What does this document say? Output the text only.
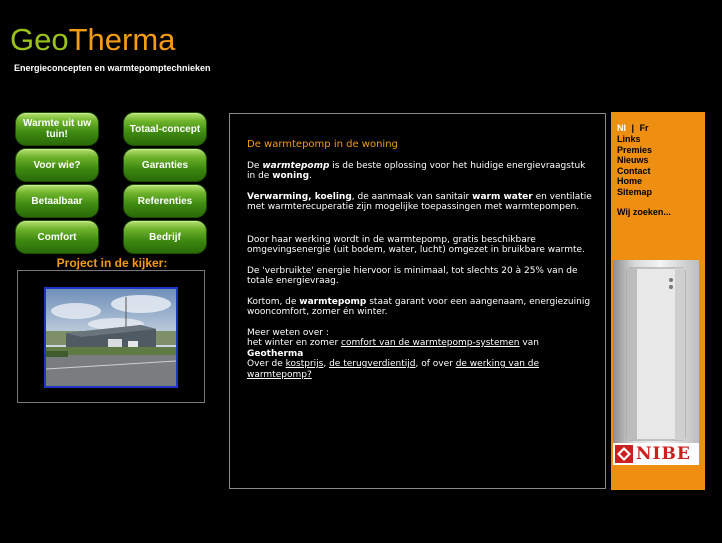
GeoTherma
Energieconcepten en warmtepomptechnieken
Warmte uit uw tuin!
Voor wie?
Betaalbaar
Comfort
Totaal-concept
Garanties
Referenties
Bedrijf
Project in de kijker:
De warmtepomp in de woning
De warmtepomp is de beste oplossing voor het huidige energievraagstuk in de woning.
Verwarming, koeling, de aanmaak van sanitair warm water en ventilatie met warmterecuperatie zijn mogelijke toepassingen met warmtepompen.
Door haar werking wordt in de warmtepomp, gratis beschikbare omgevingsenergie (uit bodem, water, lucht) omgezet in bruikbare warmte.
De 'verbruikte' energie hiervoor is minimaal, tot slechts 20 à 25% van de totale energievraag.
Kortom, de warmtepomp staat garant voor een aangenaam, energiezuinig wooncomfort, zomer én winter.
Meer weten over :
het winter en zomer comfort van de warmtepomp-systemen van
Geotherma
Over de kostprijs, de terugverdientijd, of over de werking van de warmtepomp?
Nl | Fr
Links
Premies
Nieuws
Contact
Home
Sitemap
Wij zoeken...
NIBE
